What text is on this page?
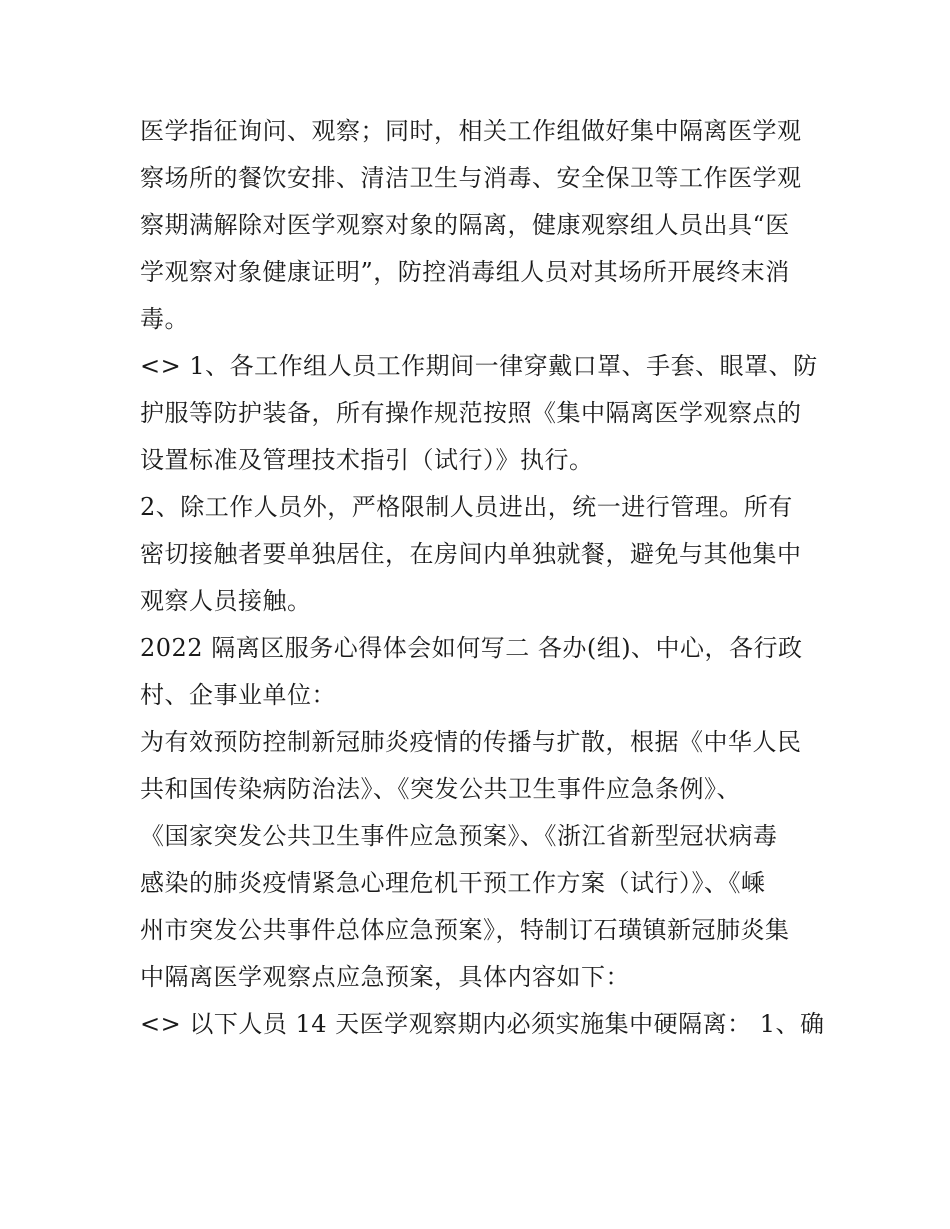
医学指征询问、观察；同时，相关工作组做好集中隔离医学观
察场所的餐饮安排、清洁卫生与消毒、安全保卫等工作医学观
察期满解除对医学观察对象的隔离，健康观察组人员出具“医
学观察对象健康证明”，防控消毒组人员对其场所开展终末消
毒。
<> 1、各工作组人员工作期间一律穿戴口罩、手套、眼罩、防
护服等防护装备，所有操作规范按照《集中隔离医学观察点的
设置标准及管理技术指引（试行）》执行。
2、除工作人员外，严格限制人员进出，统一进行管理。所有
密切接触者要单独居住，在房间内单独就餐，避免与其他集中
观察人员接触。
2022 隔离区服务心得体会如何写二 各办(组)、中心，各行政
村、企事业单位：
为有效预防控制新冠肺炎疫情的传播与扩散，根据《中华人民
共和国传染病防治法》、《突发公共卫生事件应急条例》、
《国家突发公共卫生事件应急预案》、《浙江省新型冠状病毒
感染的肺炎疫情紧急心理危机干预工作方案（试行）》、《嵊
州市突发公共事件总体应急预案》，特制订石璜镇新冠肺炎集
中隔离医学观察点应急预案，具体内容如下：
<> 以下人员 14 天医学观察期内必须实施集中硬隔离： 1、确
